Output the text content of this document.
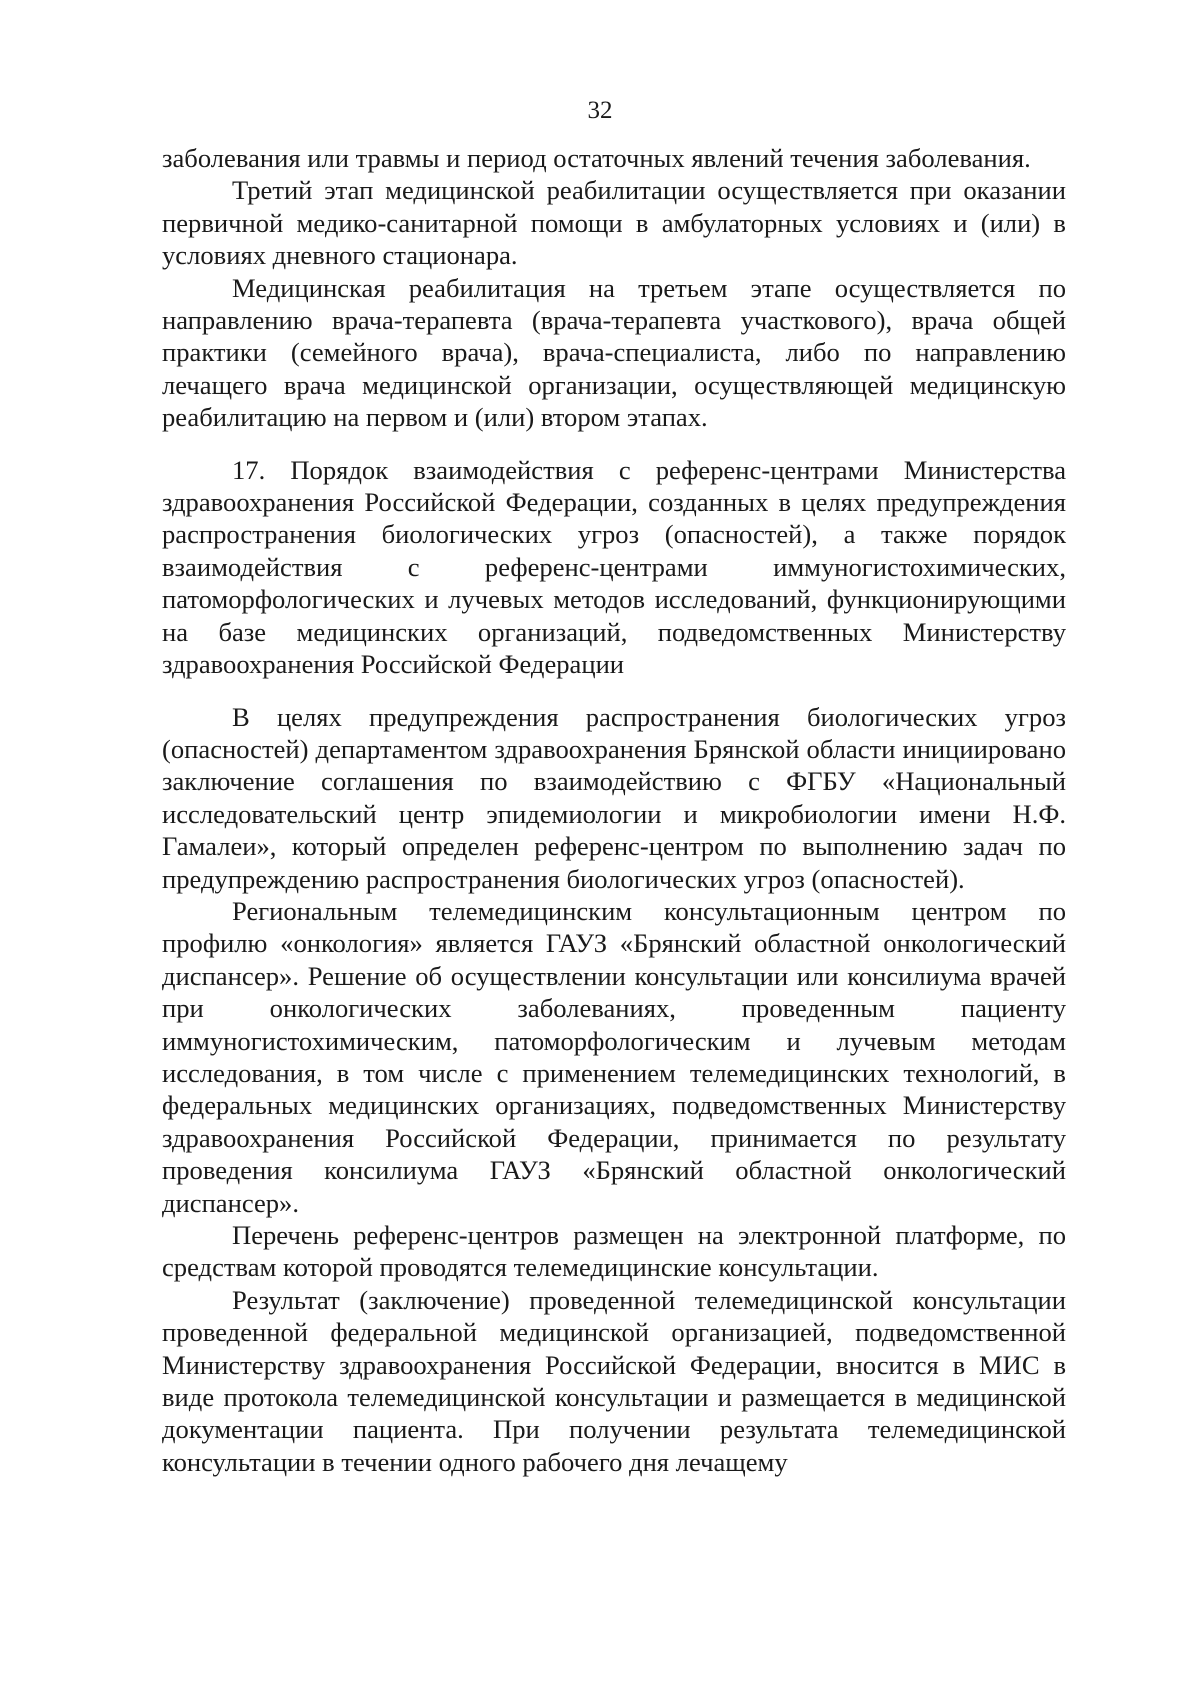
32

заболевания или травмы и период остаточных явлений течения заболевания.

Третий этап медицинской реабилитации осуществляется при оказании первичной медико-санитарной помощи в амбулаторных условиях и (или) в условиях дневного стационара.

Медицинская реабилитация на третьем этапе осуществляется по направлению врача-терапевта (врача-терапевта участкового), врача общей практики (семейного врача), врача-специалиста, либо по направлению лечащего врача медицинской организации, осуществляющей медицинскую реабилитацию на первом и (или) втором этапах.

17. Порядок взаимодействия с референс-центрами Министерства здравоохранения Российской Федерации, созданных в целях предупреждения распространения биологических угроз (опасностей), а также порядок взаимодействия с референс-центрами иммуногистохимических, патоморфологических и лучевых методов исследований, функционирующими на базе медицинских организаций, подведомственных Министерству здравоохранения Российской Федерации

В целях предупреждения распространения биологических угроз (опасностей) департаментом здравоохранения Брянской области инициировано заключение соглашения по взаимодействию с ФГБУ «Национальный исследовательский центр эпидемиологии и микробиологии имени Н.Ф. Гамалеи», который определен референс-центром по выполнению задач по предупреждению распространения биологических угроз (опасностей).

Региональным телемедицинским консультационным центром по профилю «онкология» является ГАУЗ «Брянский областной онкологический диспансер». Решение об осуществлении консультации или консилиума врачей при онкологических заболеваниях, проведенным пациенту иммуногистохимическим, патоморфологическим и лучевым методам исследования, в том числе с применением телемедицинских технологий, в федеральных медицинских организациях, подведомственных Министерству здравоохранения Российской Федерации, принимается по результату проведения консилиума ГАУЗ «Брянский областной онкологический диспансер».

Перечень референс-центров размещен на электронной платформе, по средствам которой проводятся телемедицинские консультации.

Результат (заключение) проведенной телемедицинской консультации проведенной федеральной медицинской организацией, подведомственной Министерству здравоохранения Российской Федерации, вносится в МИС в виде протокола телемедицинской консультации и размещается в медицинской документации пациента. При получении результата телемедицинской консультации в течении одного рабочего дня лечащему
